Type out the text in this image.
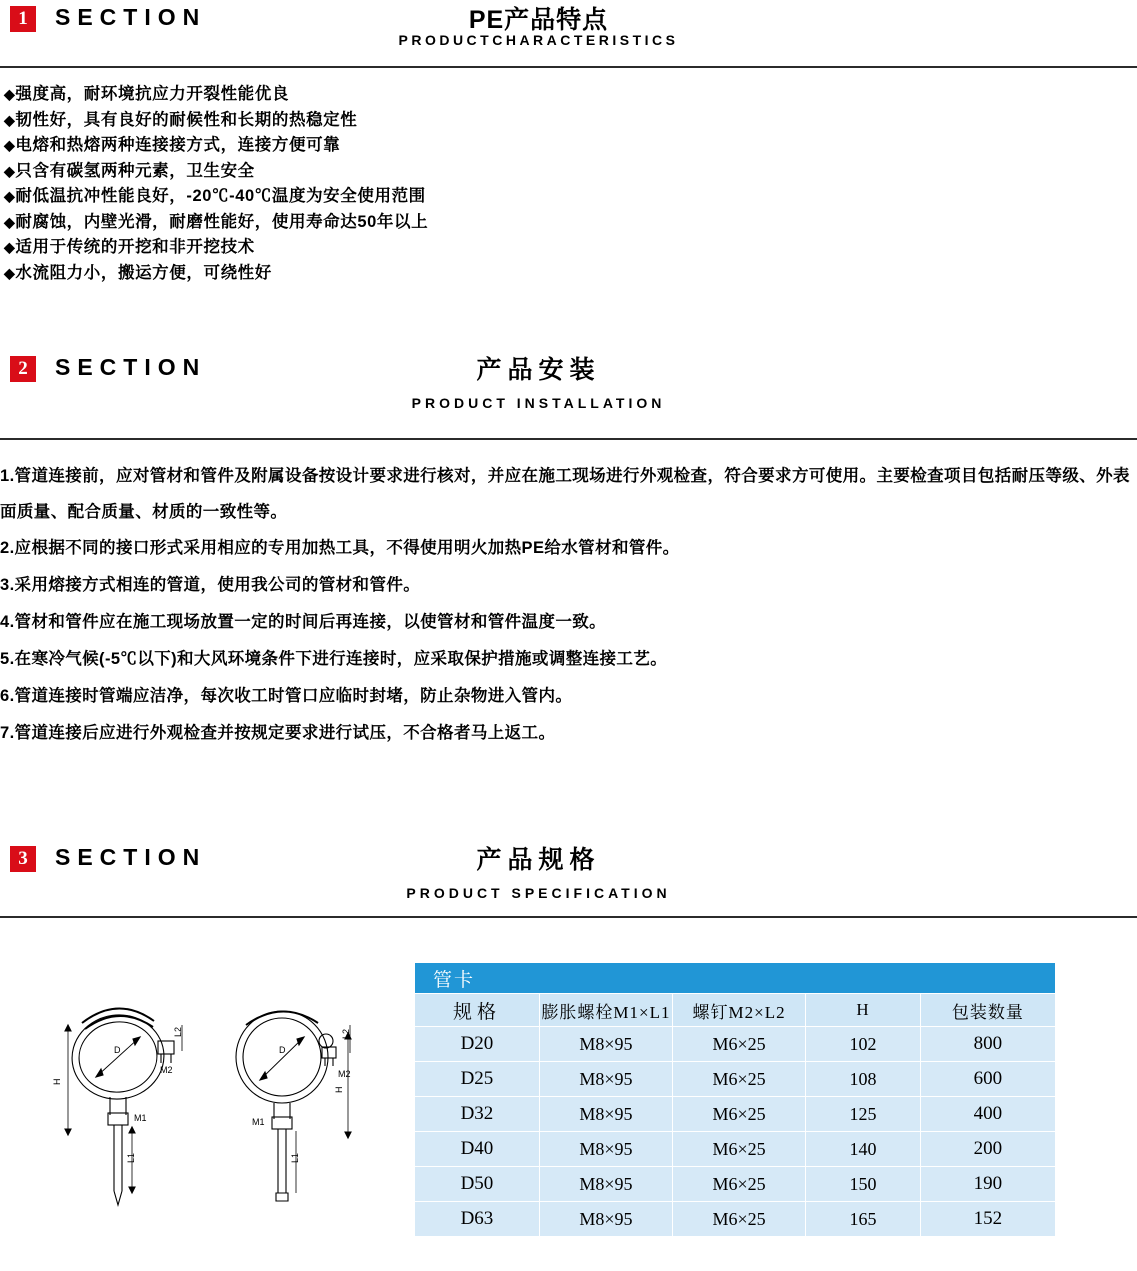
1	SECTION	PE产品特点
PRODUCTCHARACTERISTICS
◆强度高，耐环境抗应力开裂性能优良
◆韧性好，具有良好的耐候性和长期的热稳定性
◆电熔和热熔两种连接接方式，连接方便可靠
◆只含有碳氢两种元素，卫生安全
◆耐低温抗冲性能良好，-20℃-40℃温度为安全使用范围
◆耐腐蚀，内壁光滑，耐磨性能好，使用寿命达50年以上
◆适用于传统的开挖和非开挖技术
◆水流阻力小，搬运方便，可绕性好
2	SECTION	产品安装
PRODUCT INSTALLATION
1.管道连接前，应对管材和管件及附属设备按设计要求进行核对，并应在施工现场进行外观检查，符合要求方可使用。主要检查项目包括耐压等级、外表面质量、配合质量、材质的一致性等。
2.应根据不同的接口形式采用相应的专用加热工具，不得使用明火加热PE给水管材和管件。
3.采用熔接方式相连的管道，使用我公司的管材和管件。
4.管材和管件应在施工现场放置一定的时间后再连接，以使管材和管件温度一致。
5.在寒冷气候(-5℃以下)和大风环境条件下进行连接时，应采取保护措施或调整连接工艺。
6.管道连接时管端应洁净，每次收工时管口应临时封堵，防止杂物进入管内。
7.管道连接后应进行外观检查并按规定要求进行试压，不合格者马上返工。
3	SECTION	产品规格
PRODUCT SPECIFICATION
D
M2
L2
H
L1
M1
D
M2
L2
H
L1
M1
管卡				
规格	膨胀螺栓M1×L1	螺钉M2×L2	H	包装数量
D20	M8×95	M6×25	102	800
D25	M8×95	M6×25	108	600
D32	M8×95	M6×25	125	400
D40	M8×95	M6×25	140	200
D50	M8×95	M6×25	150	190
D63	M8×95	M6×25	165	152
